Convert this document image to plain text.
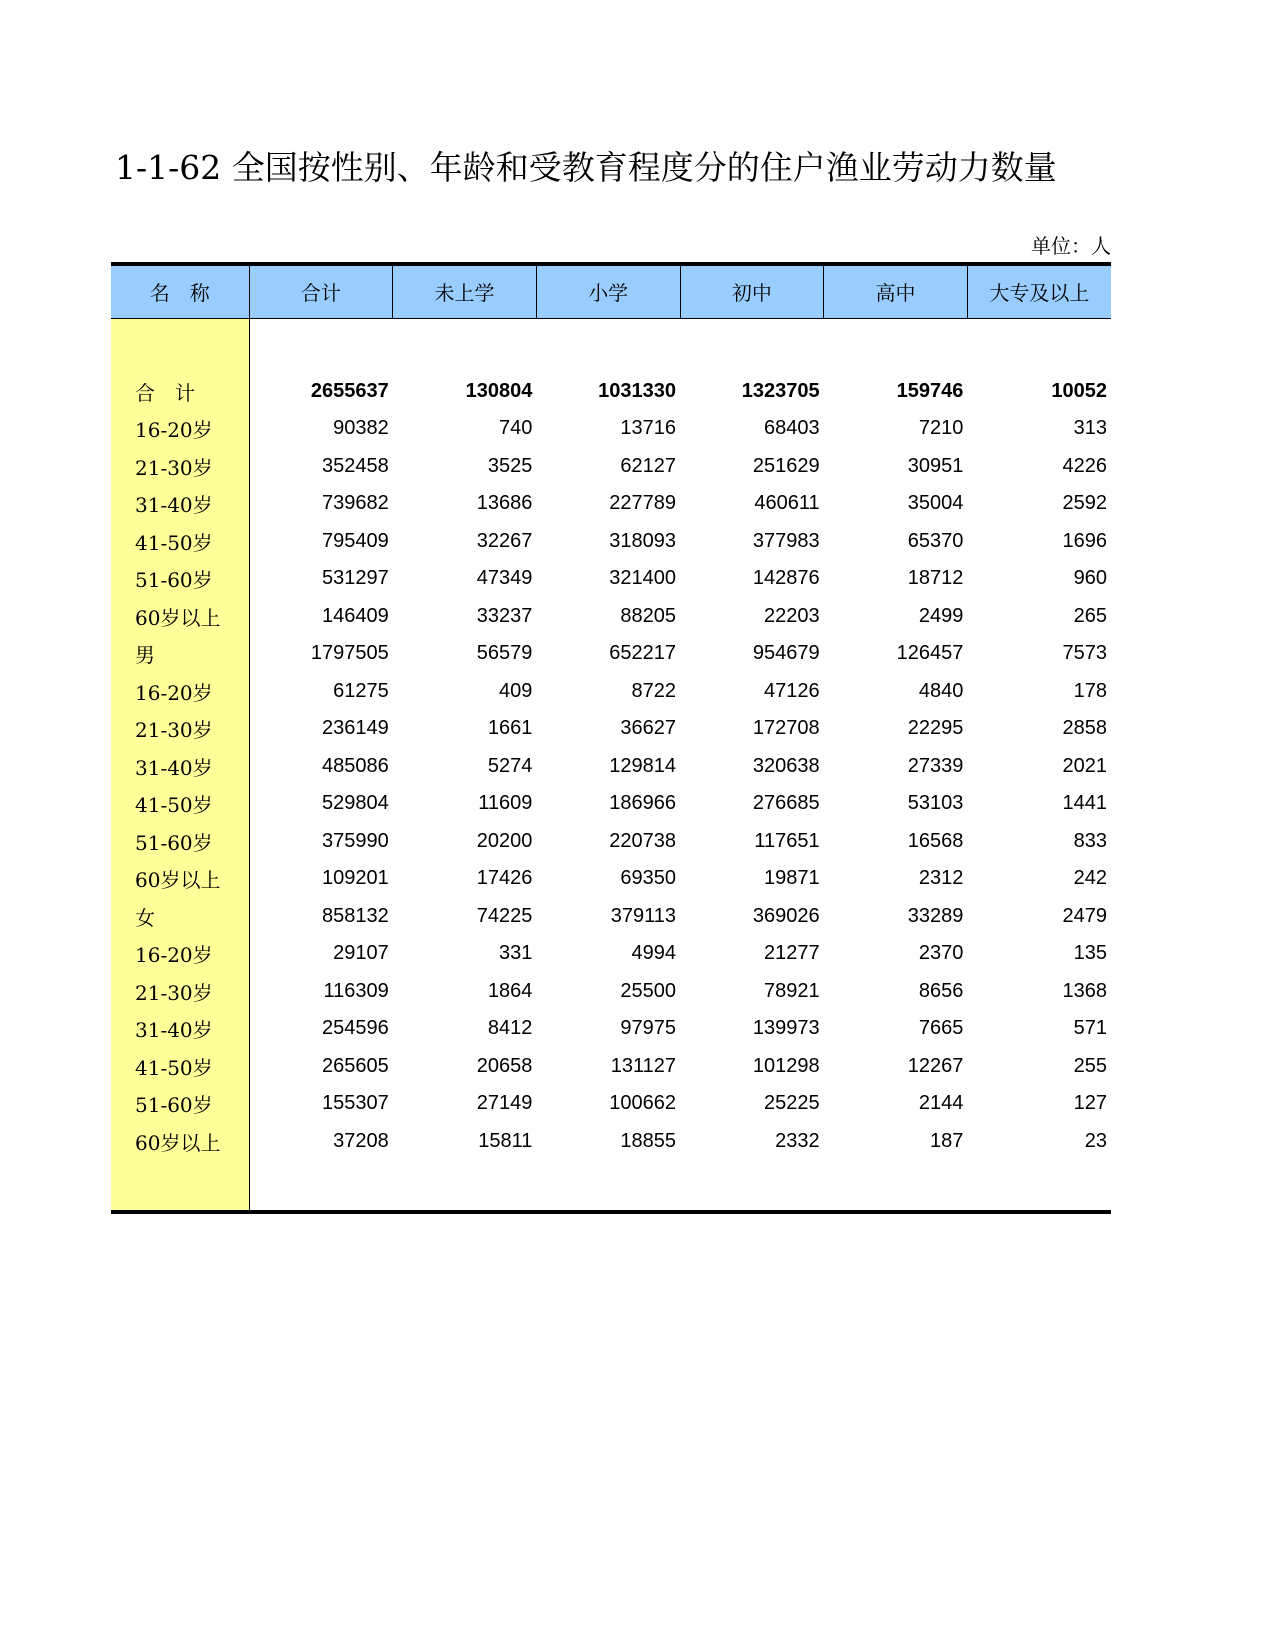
1-1-62 全国按性别、年龄和受教育程度分的住户渔业劳动力数量
单位：人
名　称	合计	未上学	小学	初中	高中	大专及以上

合　计	2655637	130804	1031330	1323705	159746	10052
16-20岁	90382	740	13716	68403	7210	313
21-30岁	352458	3525	62127	251629	30951	4226
31-40岁	739682	13686	227789	460611	35004	2592
41-50岁	795409	32267	318093	377983	65370	1696
51-60岁	531297	47349	321400	142876	18712	960
60岁以上	146409	33237	88205	22203	2499	265
男	1797505	56579	652217	954679	126457	7573
16-20岁	61275	409	8722	47126	4840	178
21-30岁	236149	1661	36627	172708	22295	2858
31-40岁	485086	5274	129814	320638	27339	2021
41-50岁	529804	11609	186966	276685	53103	1441
51-60岁	375990	20200	220738	117651	16568	833
60岁以上	109201	17426	69350	19871	2312	242
女	858132	74225	379113	369026	33289	2479
16-20岁	29107	331	4994	21277	2370	135
21-30岁	116309	1864	25500	78921	8656	1368
31-40岁	254596	8412	97975	139973	7665	571
41-50岁	265605	20658	131127	101298	12267	255
51-60岁	155307	27149	100662	25225	2144	127
60岁以上	37208	15811	18855	2332	187	23
